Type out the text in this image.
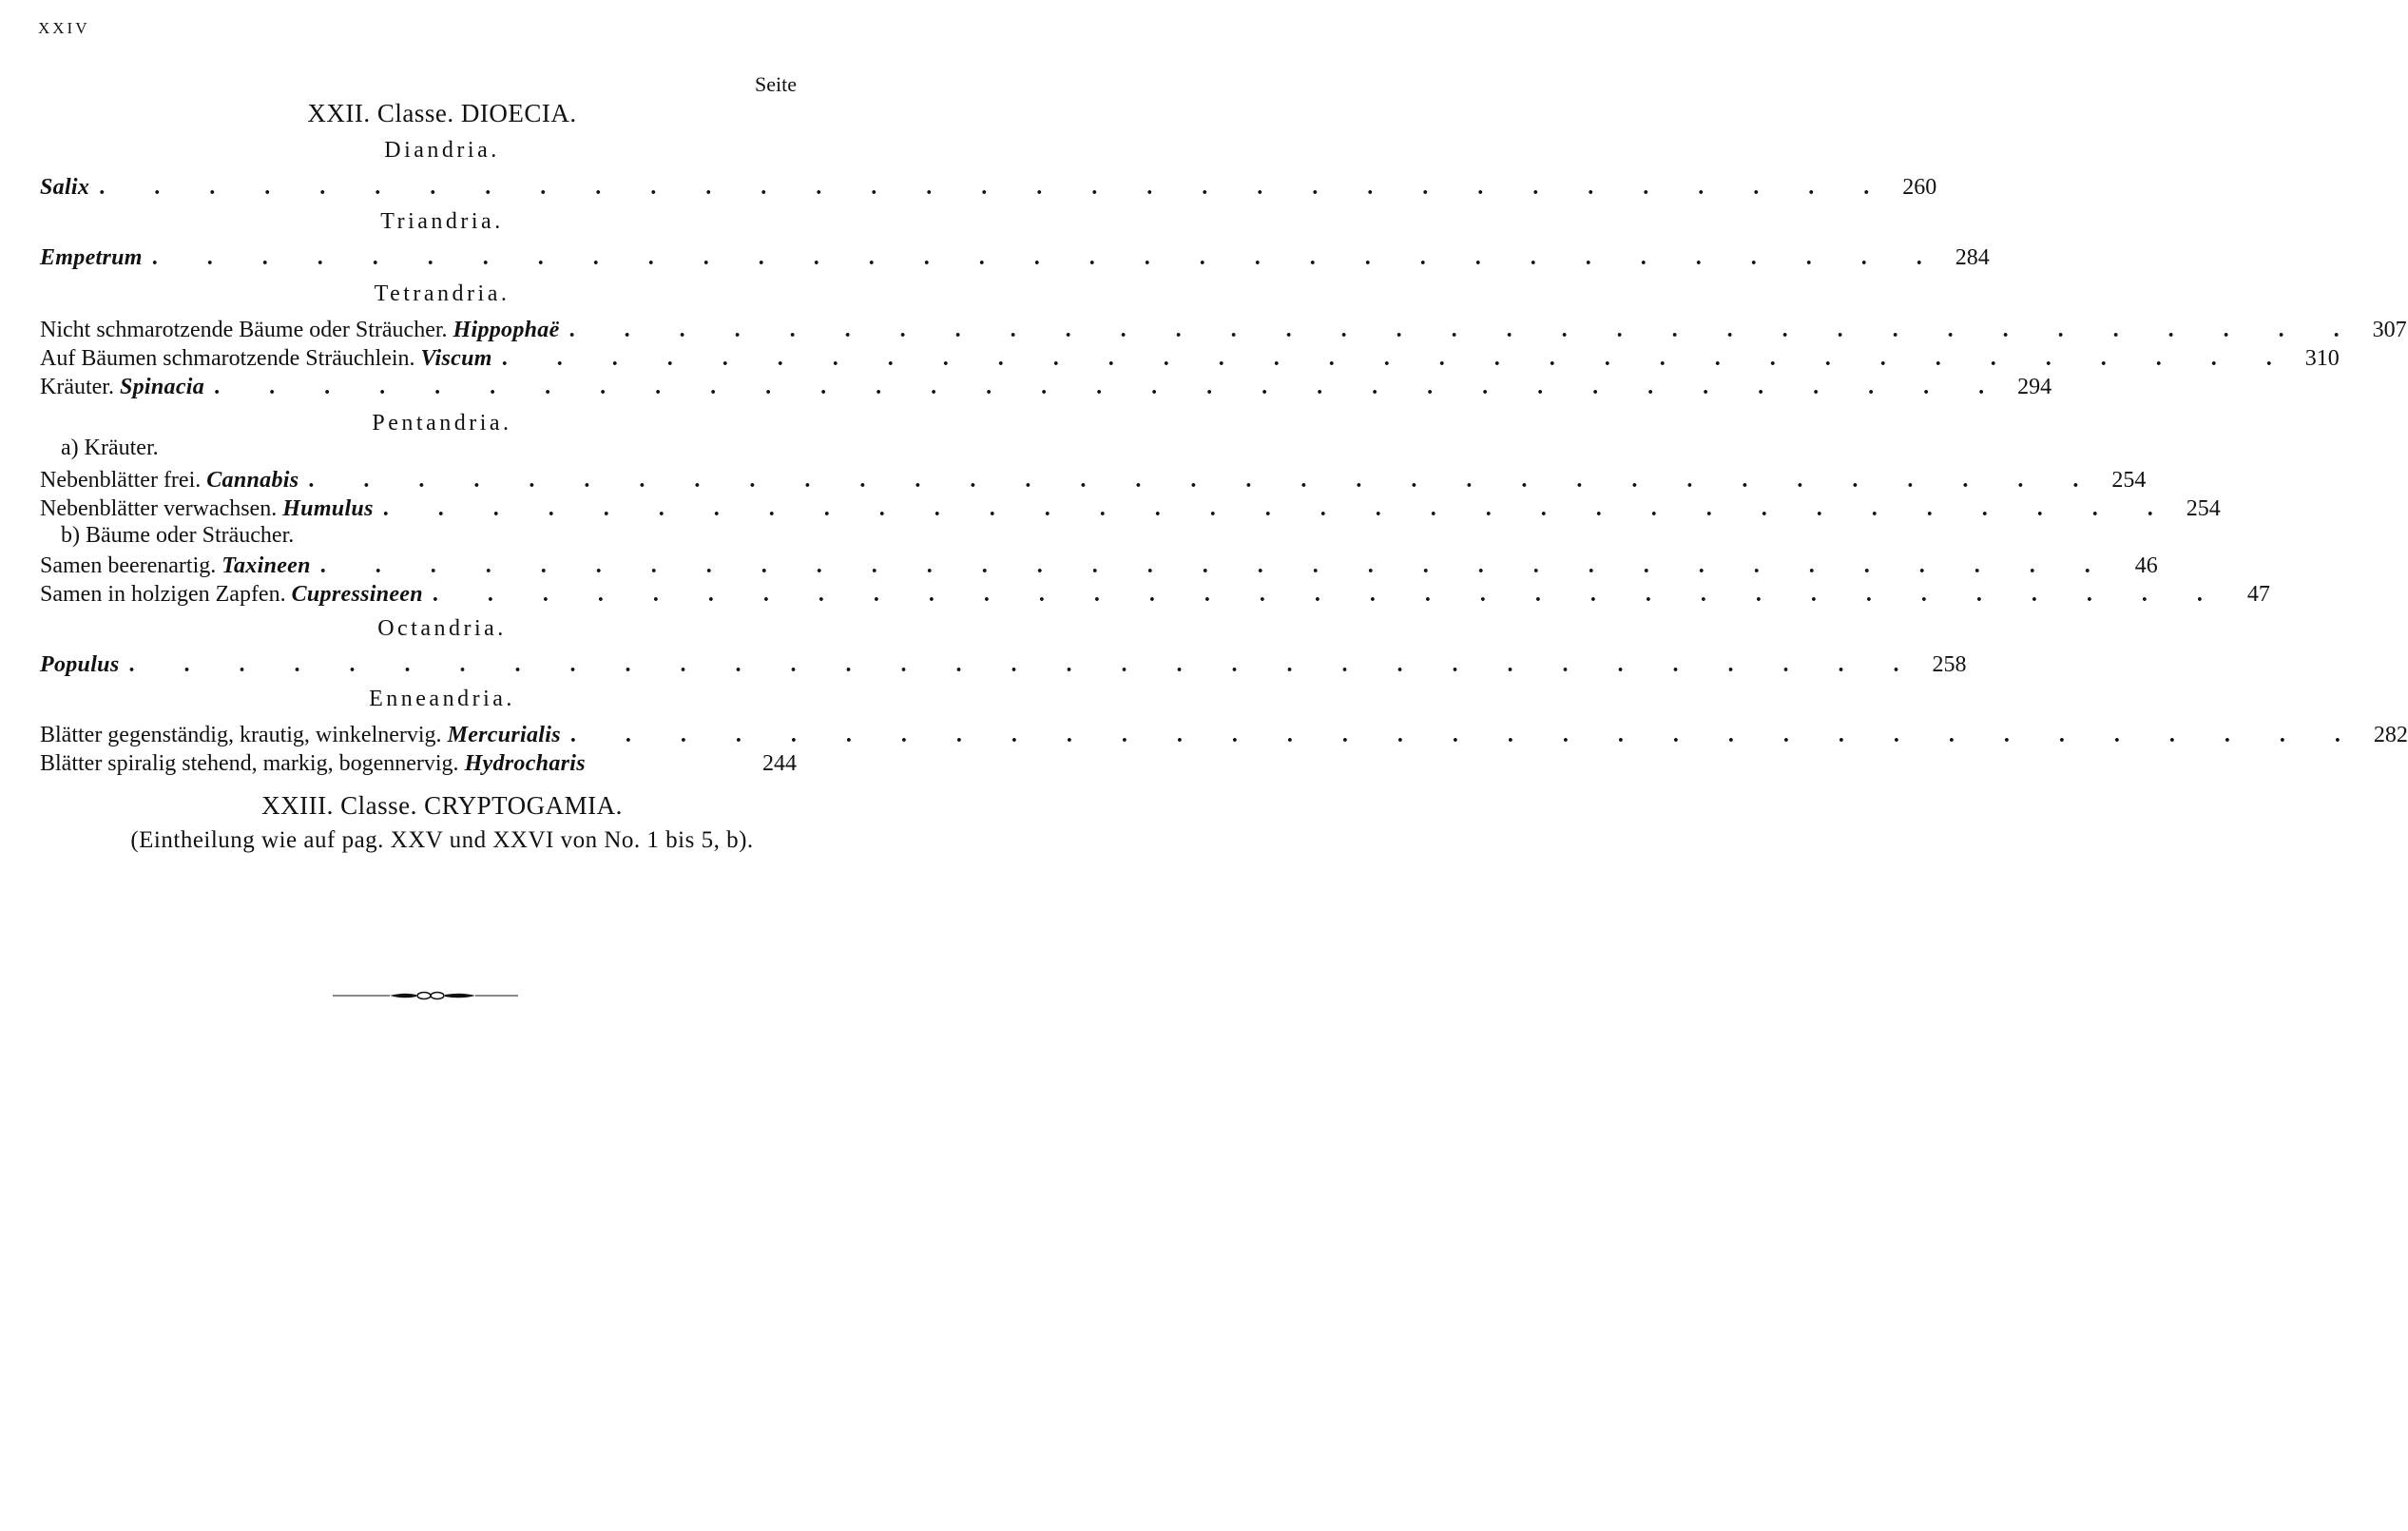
XXIV
Seite
XXII. Classe. DIOECIA.
Diandria.
Salix . . . . . . . . . . . . . . . . . . . . . . . . . . . . . . . . . 260
Triandria.
Empetrum . . . . . . . . . . . . . . . . . . . . . . . . . . . . . . . . . 284
Tetrandria.
Nicht schmarotzende Bäume oder Sträucher. Hippophaë . . . . . . . . . . . . . . . . . . . . . . . . . . . . . . . . . 307
Auf Bäumen schmarotzende Sträuchlein. Viscum . . . . . . . . . . . . . . . . . . . . . . . . . . . . . . . . . 310
Kräuter. Spinacia . . . . . . . . . . . . . . . . . . . . . . . . . . . . . . . . . 294
Pentandria.
a) Kräuter.
Nebenblätter frei. Cannabis . . . . . . . . . . . . . . . . . . . . . . . . . . . . . . . . . 254
Nebenblätter verwachsen. Humulus . . . . . . . . . . . . . . . . . . . . . . . . . . . . . . . . . 254
b) Bäume oder Sträucher.
Samen beerenartig. Taxineen . . . . . . . . . . . . . . . . . . . . . . . . . . . . . . . . .	46
Samen in holzigen Zapfen. Cupressineen . . . . . . . . . . . . . . . . . . . . . . . . . . . . . . . . .	47
Octandria.
Populus . . . . . . . . . . . . . . . . . . . . . . . . . . . . . . . . . 258
Enneandria.
Blätter gegenständig, krautig, winkelnervig. Mercurialis . . . . . . . . . . . . . . . . . . . . . . . . . . . . . . . . . 282
Blätter spiralig stehend, markig, bogennervig. Hydrocharis	244
XXIII. Classe. CRYPTOGAMIA.
(Eintheilung wie auf pag. XXV und XXVI von No. 1 bis 5, b).
